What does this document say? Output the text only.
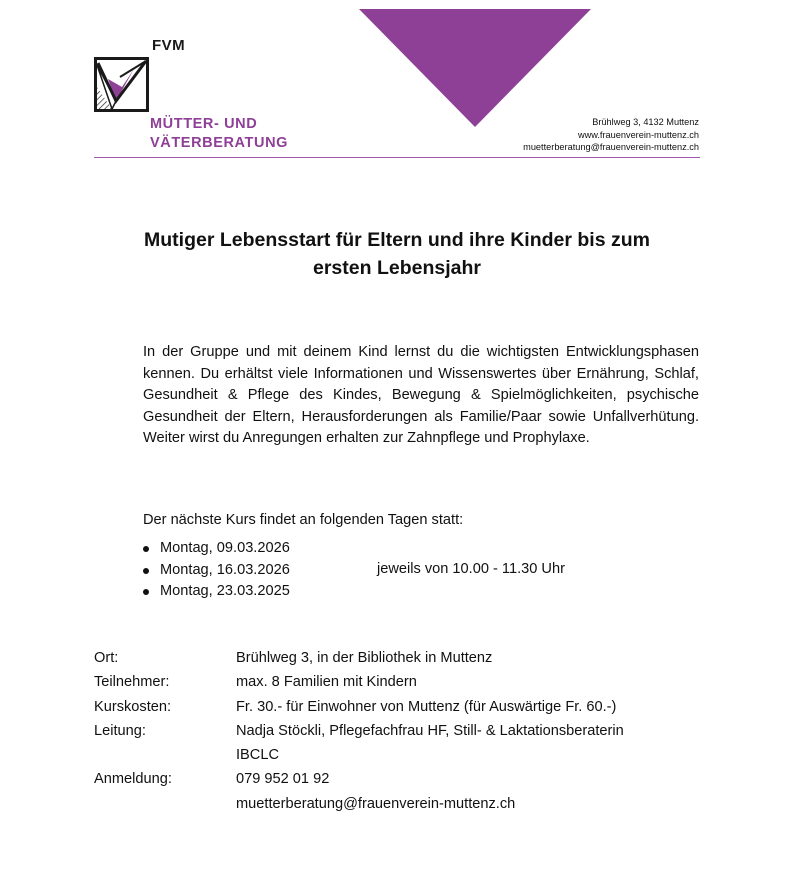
FVM
MÜTTER- UND
VÄTERBERATUNG
Brühlweg 3, 4132 Muttenz
www.frauenverein-muttenz.ch
muetterberatung@frauenverein-muttenz.ch
Mutiger Lebensstart für Eltern und ihre Kinder bis zum
ersten Lebensjahr
In der Gruppe und mit deinem Kind lernst du die wichtigsten Entwicklungsphasen kennen. Du erhältst viele Informationen und Wissenswertes über Ernährung, Schlaf, Gesundheit & Pflege des Kindes, Bewegung & Spielmöglichkeiten, psychische Gesundheit der Eltern, Herausforderungen als Familie/Paar sowie Unfallverhütung. Weiter wirst du Anregungen erhalten zur Zahnpflege und Prophylaxe.
Der nächste Kurs findet an folgenden Tagen statt:
Montag, 09.03.2026
Montag, 16.03.2026
Montag, 23.03.2025
jeweils von 10.00 - 11.30 Uhr
Ort:	Brühlweg 3, in der Bibliothek in Muttenz
Teilnehmer:	max. 8 Familien mit Kindern
Kurskosten:	Fr. 30.- für Einwohner von Muttenz (für Auswärtige Fr. 60.-)
Leitung:	Nadja Stöckli, Pflegefachfrau HF, Still- & Laktationsberaterin
IBCLC
Anmeldung:	079 952 01 92
muetterberatung@frauenverein-muttenz.ch
